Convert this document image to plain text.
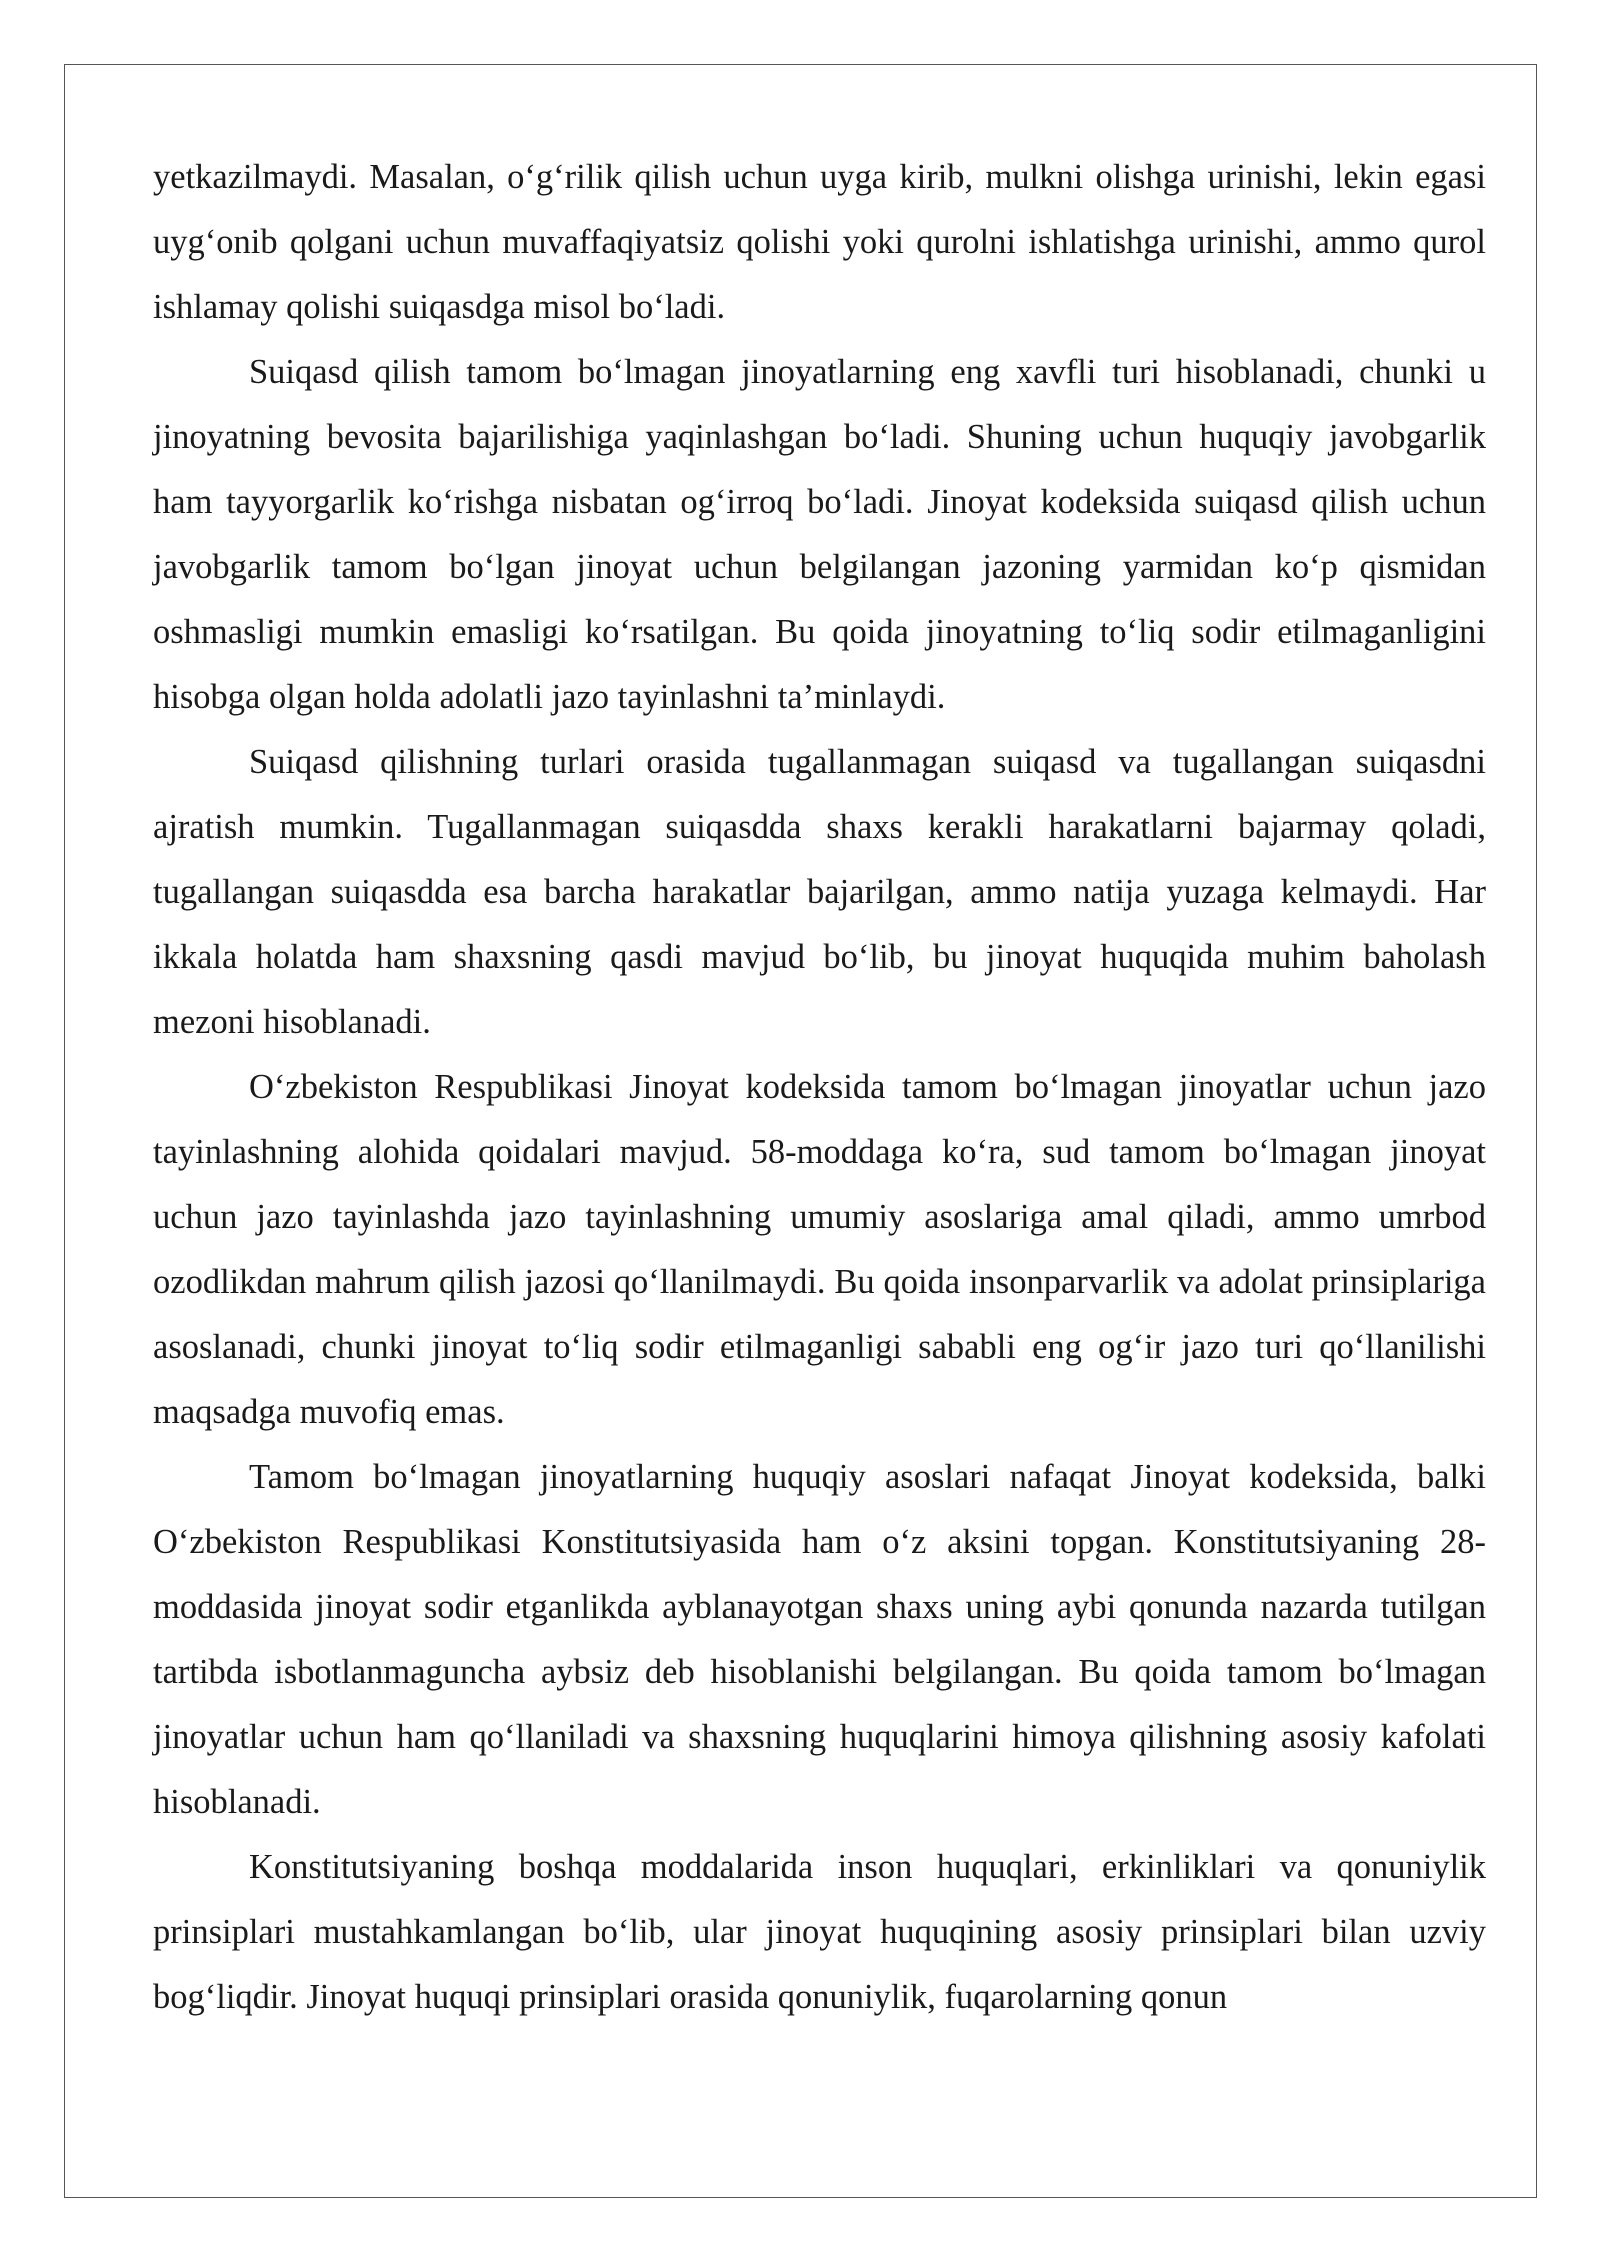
yetkazilmaydi. Masalan, o‘g‘rilik qilish uchun uyga kirib, mulkni olishga urinishi, lekin egasi uyg‘onib qolgani uchun muvaffaqiyatsiz qolishi yoki qurolni ishlatishga urinishi, ammo qurol ishlamay qolishi suiqasdga misol bo‘ladi.

Suiqasd qilish tamom bo‘lmagan jinoyatlarning eng xavfli turi hisoblanadi, chunki u jinoyatning bevosita bajarilishiga yaqinlashgan bo‘ladi. Shuning uchun huquqiy javobgarlik ham tayyorgarlik ko‘rishga nisbatan og‘irroq bo‘ladi. Jinoyat kodeksida suiqasd qilish uchun javobgarlik tamom bo‘lgan jinoyat uchun belgilangan jazoning yarmidan ko‘p qismidan oshmasligi mumkin emasligi ko‘rsatilgan. Bu qoida jinoyatning to‘liq sodir etilmaganligini hisobga olgan holda adolatli jazo tayinlashni ta’minlaydi.

Suiqasd qilishning turlari orasida tugallanmagan suiqasd va tugallangan suiqasdni ajratish mumkin. Tugallanmagan suiqasdda shaxs kerakli harakatlarni bajarmay qoladi, tugallangan suiqasdda esa barcha harakatlar bajarilgan, ammo natija yuzaga kelmaydi. Har ikkala holatda ham shaxsning qasdi mavjud bo‘lib, bu jinoyat huquqida muhim baholash mezoni hisoblanadi.

O‘zbekiston Respublikasi Jinoyat kodeksida tamom bo‘lmagan jinoyatlar uchun jazo tayinlashning alohida qoidalari mavjud. 58-moddaga ko‘ra, sud tamom bo‘lmagan jinoyat uchun jazo tayinlashda jazo tayinlashning umumiy asoslariga amal qiladi, ammo umrbod ozodlikdan mahrum qilish jazosi qo‘llanilmaydi. Bu qoida insonparvarlik va adolat prinsiplariga asoslanadi, chunki jinoyat to‘liq sodir etilmaganligi sababli eng og‘ir jazo turi qo‘llanilishi maqsadga muvofiq emas.

Tamom bo‘lmagan jinoyatlarning huquqiy asoslari nafaqat Jinoyat kodeksida, balki O‘zbekiston Respublikasi Konstitutsiyasida ham o‘z aksini topgan. Konstitutsiyaning 28-moddasida jinoyat sodir etganlikda ayblanayotgan shaxs uning aybi qonunda nazarda tutilgan tartibda isbotlanmaguncha aybsiz deb hisoblanishi belgilangan. Bu qoida tamom bo‘lmagan jinoyatlar uchun ham qo‘llaniladi va shaxsning huquqlarini himoya qilishning asosiy kafolati hisoblanadi.

Konstitutsiyaning boshqa moddalarida inson huquqlari, erkinliklari va qonuniylik prinsiplari mustahkamlangan bo‘lib, ular jinoyat huquqining asosiy prinsiplari bilan uzviy bog‘liqdir. Jinoyat huquqi prinsiplari orasida qonuniylik, fuqarolarning qonun
